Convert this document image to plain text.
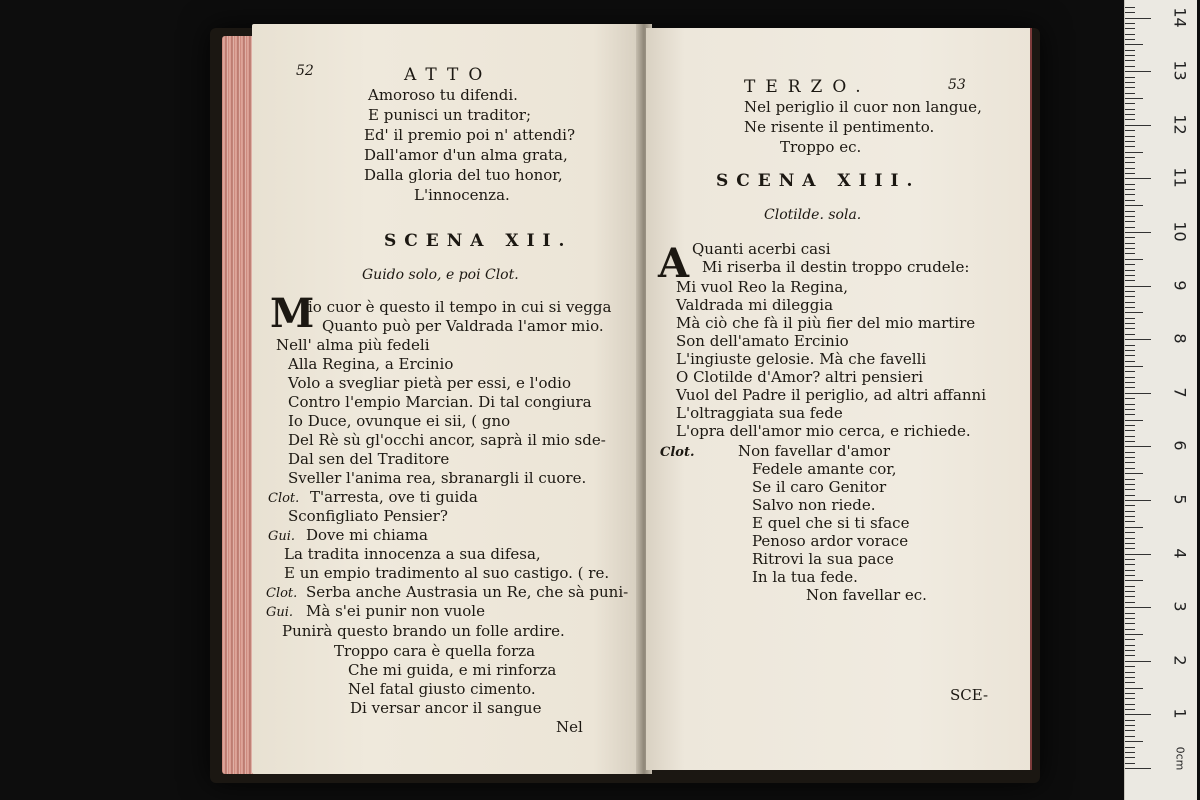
52	ATTO
Amoroso tu difendi.
E punisci un traditor;
Ed' il premio poi n' attendi?
Dall'amor d'un alma grata,
Dalla gloria del tuo honor,
L'innocenza.
SCENA XII.
Guido solo, e poi Clot.
M
io cuor è questo il tempo in cui si vegga
Quanto può per Valdrada l'amor mio.
Nell' alma più fedeli
Alla Regina, a Ercinio
Volo a svegliar pietà per essi, e l'odio
Contro l'empio Marcian. Di tal congiura
Io Duce, ovunque ei sii, ( gno
Del Rè sù gl'occhi ancor, saprà il mio sde-
Dal sen del Traditore
Sveller l'anima rea, sbranargli il cuore.
Clot. T'arresta, ove ti guida
Sconfigliato Pensier?
Gui. Dove mi chiama
La tradita innocenza a sua difesa,
E un empio tradimento al suo castigo. ( re.
Clot. Serba anche Austrasia un Re, che sà puni-
Gui. Mà s'ei punir non vuole
Punirà questo brando un folle ardire.
Troppo cara è quella forza
Che mi guida, e mi rinforza
Nel fatal giusto cimento.
Di versar ancor il sangue
Nel
TERZO.	53
Nel periglio il cuor non langue,
Ne risente il pentimento.
Troppo ec.
SCENA XIII.
Clotilde. sola.
A Quanti acerbi casi
Mi riserba il destin troppo crudele:
Mi vuol Reo la Regina,
Valdrada mi dileggia
Mà ciò che fà il più fier del mio martire
Son dell'amato Ercinio
L'ingiuste gelosie. Mà che favelli
O Clotilde d'Amor? altri pensieri
Vuol del Padre il periglio, ad altri affanni
L'oltraggiata sua fede
L'opra dell'amor mio cerca, e richiede.
Clot.	Non favellar d'amor
Fedele amante cor,
Se il caro Genitor
Salvo non riede.
E quel che si ti sface
Penoso ardor vorace
Ritrovi la sua pace
In la tua fede.
Non favellar ec.
SCE-
0cm
1
2
3
4
5
6
7
8
9
10
11
12
13
14
